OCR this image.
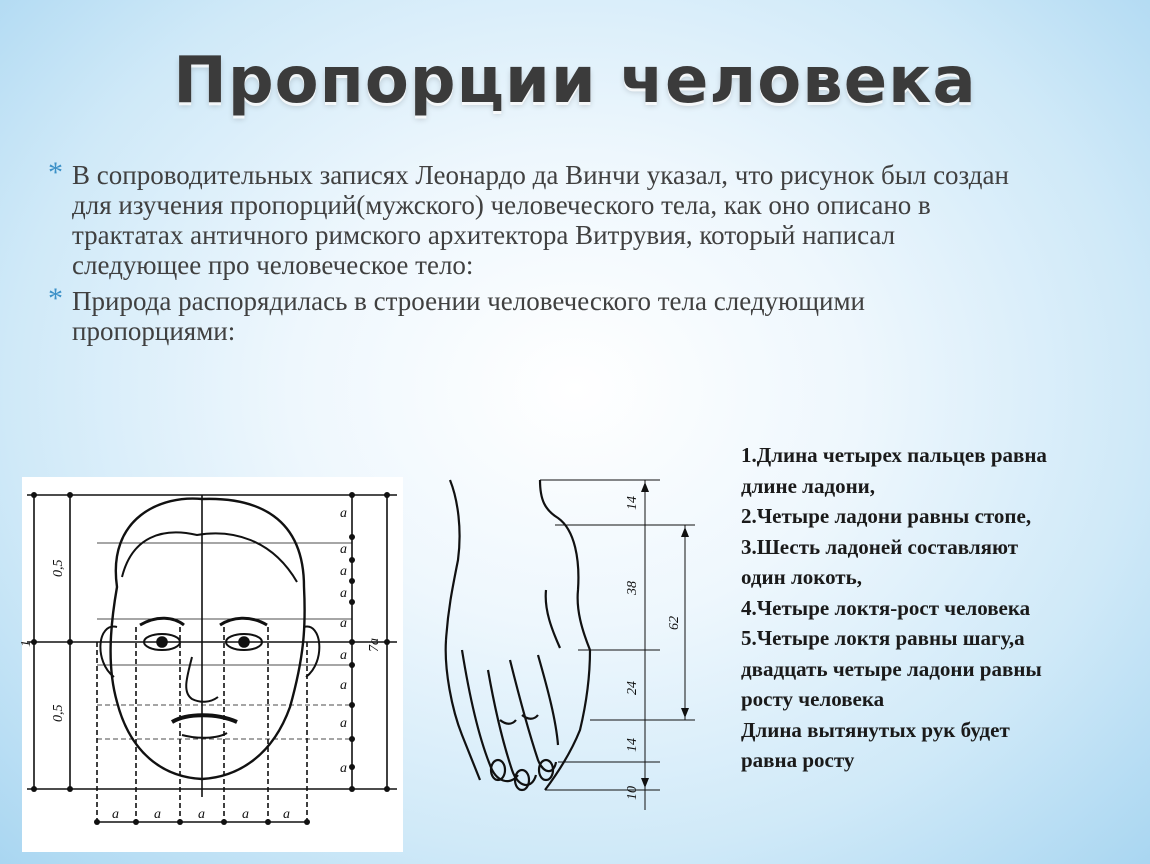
Пропорции человека
* В сопроводительных записях Леонардо да Винчи указал, что рисунок был создан для изучения пропорций(мужского) человеческого тела, как оно описано в трактатах античного римского архитектора Витрувия, который написал следующее про человеческое тело:
* Природа распорядилась в строении человеческого тела следующими пропорциями:
0,5
1
0,5
a
a
a
a
a
a
a
a
a
7a
a	a	a	a a
14
38
62
24
14
10
1.Длина четырех пальцев равна
длине ладони,
2.Четыре ладони равны стопе,
3.Шесть ладоней составляют
один локоть,
4.Четыре локтя-рост человека
5.Четыре локтя равны шагу,а
двадцать четыре ладони равны
росту человека
Длина вытянутых рук будет
равна росту
